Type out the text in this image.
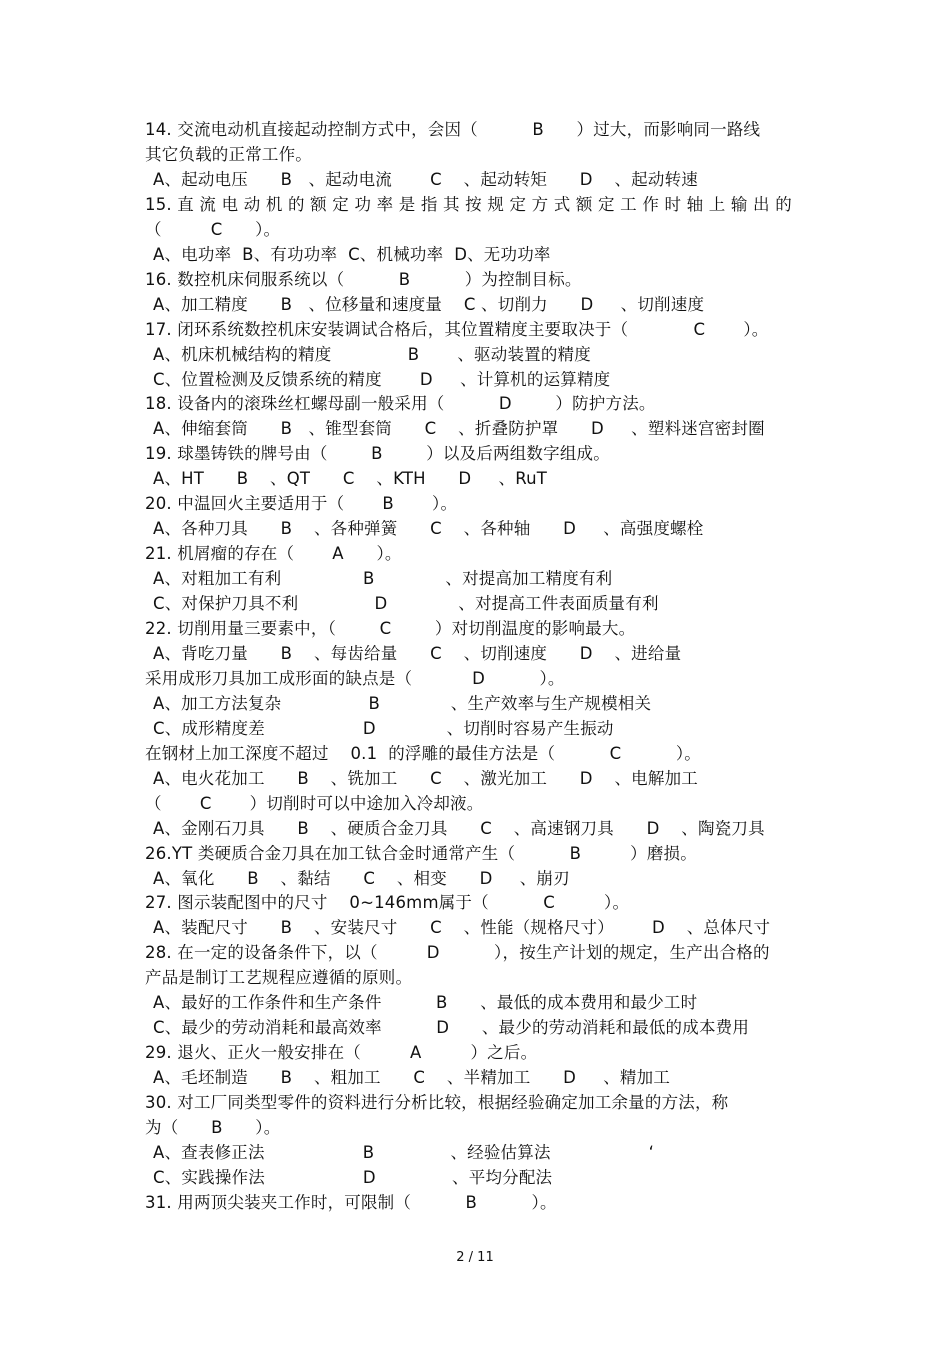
14. 交流电动机直接起动控制方式中，会因（          B      ）过大，而影响同一路线
其它负载的正常工作。
A、起动电压      B   、起动电流       C    、起动转矩      D    、起动转速
15. 直 流 电 动 机 的 额 定 功 率 是 指 其 按 规 定 方 式 额 定 工 作 时 轴 上 输 出 的
（         C      ）。
A、电功率  B、有功功率  C、机械功率  D、无功功率
16. 数控机床伺服系统以（          B          ）为控制目标。
A、加工精度      B   、位移量和速度量    C 、切削力      D     、切削速度
17. 闭环系统数控机床安装调试合格后，其位置精度主要取决于（            C       ）。
A、机床机械结构的精度              B       、驱动装置的精度
C、位置检测及反馈系统的精度       D     、计算机的运算精度
18. 设备内的滚珠丝杠螺母副一般采用（          D        ）防护方法。
A、伸缩套筒      B   、锥型套筒      C    、折叠防护罩      D     、塑料迷宫密封圈
19. 球墨铸铁的牌号由（        B        ）以及后两组数字组成。
A、HT      B    、QT      C    、KTH      D     、RuT
20. 中温回火主要适用于（       B       ）。
A、各种刀具      B    、各种弹簧      C    、各种轴      D     、高强度螺栓
21. 机屑瘤的存在（       A      ）。
A、对粗加工有利               B             、对提高加工精度有利
C、对保护刀具不利              D             、对提高工件表面质量有利
22. 切削用量三要素中，（        C        ）对切削温度的影响最大。
A、背吃刀量      B    、每齿给量      C    、切削速度      D    、进给量
采用成形刀具加工成形面的缺点是（           D          ）。
A、加工方法复杂                B             、生产效率与生产规模相关
C、成形精度差                  D             、切削时容易产生振动
在钢材上加工深度不超过    0.1  的浮雕的最佳方法是（          C          ）。
A、电火花加工      B    、铣加工      C    、激光加工      D    、电解加工
（       C       ）切削时可以中途加入冷却液。
A、金刚石刀具      B    、硬质合金刀具      C    、高速钢刀具      D    、陶瓷刀具
26.YT 类硬质合金刀具在加工钛合金时通常产生（          B         ）磨损。
A、氧化      B    、黏结      C    、相变      D     、崩刃
27. 图示装配图中的尺寸    0~146mm属于（          C         ）。
A、装配尺寸      B    、安装尺寸      C    、性能（规格尺寸）       D    、总体尺寸
28. 在一定的设备条件下，以（         D          ），按生产计划的规定，生产出合格的
产品是制订工艺规程应遵循的原则。
A、最好的工作条件和生产条件          B      、最低的成本费用和最少工时
C、最少的劳动消耗和最高效率          D      、最少的劳动消耗和最低的成本费用
29. 退火、正火一般安排在（         A         ）之后。
A、毛坯制造      B    、粗加工      C    、半精加工      D     、精加工
30. 对工厂同类型零件的资料进行分析比较，根据经验确定加工余量的方法，称
为（      B      ）。
A、查表修正法                  B              、经验估算法                  ‘
C、实践操作法                  D              、平均分配法
31. 用两顶尖装夹工作时，可限制（          B          ）。
2 / 11
